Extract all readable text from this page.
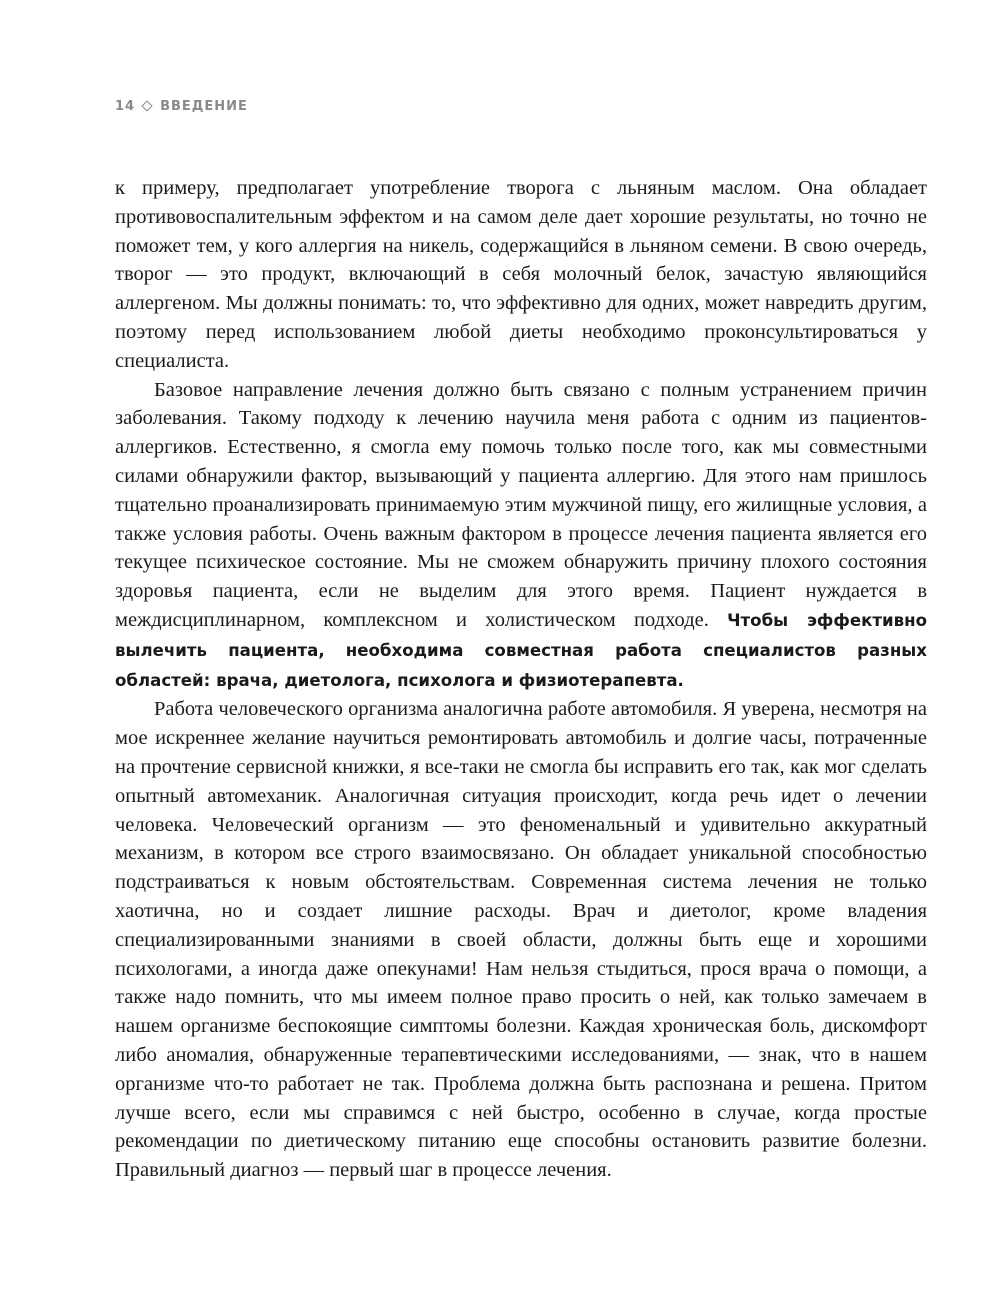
14 ВВЕДЕНИЕ

к примеру, предполагает употребление творога с льняным маслом. Она обладает противовоспалительным эффектом и на самом деле дает хорошие результаты, но точно не поможет тем, у кого аллергия на никель, содержащийся в льняном семени. В свою очередь, творог — это продукт, включающий в себя молочный белок, зачастую являющийся аллергеном. Мы должны понимать: то, что эффективно для одних, может навредить другим, поэтому перед использованием любой диеты необходимо проконсультироваться у специалиста.

Базовое направление лечения должно быть связано с полным устранением причин заболевания. Такому подходу к лечению научила меня работа с одним из пациентов-аллергиков. Естественно, я смогла ему помочь только после того, как мы совместными силами обнаружили фактор, вызывающий у пациента аллергию. Для этого нам пришлось тщательно проанализировать принимаемую этим мужчиной пищу, его жилищные условия, а также условия работы. Очень важным фактором в процессе лечения пациента является его текущее психическое состояние. Мы не сможем обнаружить причину плохого состояния здоровья пациента, если не выделим для этого время. Пациент нуждается в междисциплинарном, комплексном и холистическом подходе. Чтобы эффективно вылечить пациента, необходима совместная работа специалистов разных областей: врача, диетолога, психолога и физиотерапевта.

Работа человеческого организма аналогична работе автомобиля. Я уверена, несмотря на мое искреннее желание научиться ремонтировать автомобиль и долгие часы, потраченные на прочтение сервисной книжки, я все-таки не смогла бы исправить его так, как мог сделать опытный автомеханик. Аналогичная ситуация происходит, когда речь идет о лечении человека. Человеческий организм — это феноменальный и удивительно аккуратный механизм, в котором все строго взаимосвязано. Он обладает уникальной способностью подстраиваться к новым обстоятельствам. Современная система лечения не только хаотична, но и создает лишние расходы. Врач и диетолог, кроме владения специализированными знаниями в своей области, должны быть еще и хорошими психологами, а иногда даже опекунами! Нам нельзя стыдиться, прося врача о помощи, а также надо помнить, что мы имеем полное право просить о ней, как только замечаем в нашем организме беспокоящие симптомы болезни. Каждая хроническая боль, дискомфорт либо аномалия, обнаруженные терапевтическими исследованиями, — знак, что в нашем организме что-то работает не так. Проблема должна быть распознана и решена. Притом лучше всего, если мы справимся с ней быстро, особенно в случае, когда простые рекомендации по диетическому питанию еще способны остановить развитие болезни. Правильный диагноз — первый шаг в процессе лечения.
